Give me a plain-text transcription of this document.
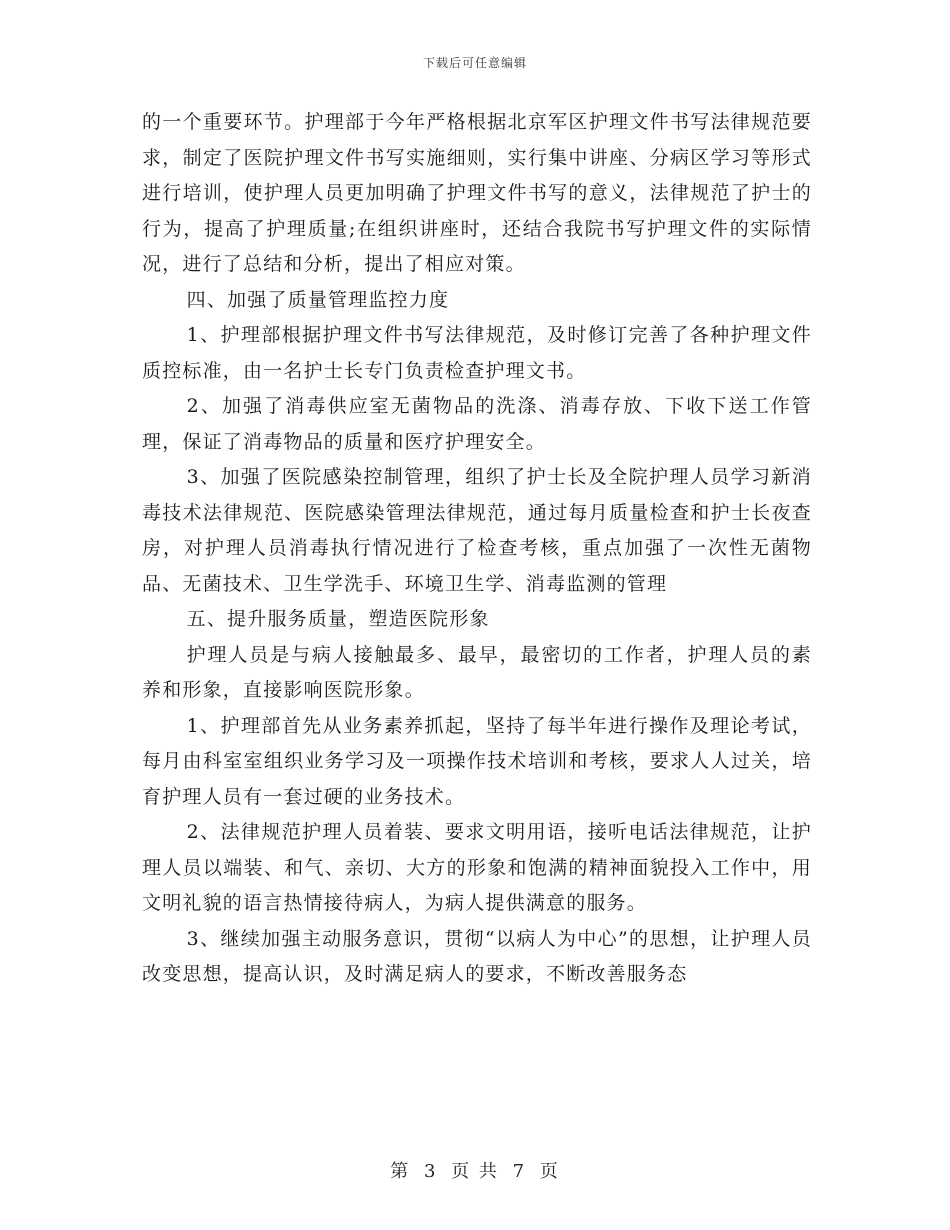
下载后可任意编辑

的一个重要环节。护理部于今年严格根据北京军区护理文件书写法律规范要求，制定了医院护理文件书写实施细则，实行集中讲座、分病区学习等形式进行培训，使护理人员更加明确了护理文件书写的意义，法律规范了护士的行为，提高了护理质量;在组织讲座时，还结合我院书写护理文件的实际情况，进行了总结和分析，提出了相应对策。

四、加强了质量管理监控力度

1、护理部根据护理文件书写法律规范，及时修订完善了各种护理文件质控标准，由一名护士长专门负责检查护理文书。

2、加强了消毒供应室无菌物品的洗涤、消毒存放、下收下送工作管理，保证了消毒物品的质量和医疗护理安全。

3、加强了医院感染控制管理，组织了护士长及全院护理人员学习新消毒技术法律规范、医院感染管理法律规范，通过每月质量检查和护士长夜查房，对护理人员消毒执行情况进行了检查考核，重点加强了一次性无菌物品、无菌技术、卫生学洗手、环境卫生学、消毒监测的管理

五、提升服务质量，塑造医院形象

护理人员是与病人接触最多、最早，最密切的工作者，护理人员的素养和形象，直接影响医院形象。

1、护理部首先从业务素养抓起，坚持了每半年进行操作及理论考试，每月由科室室组织业务学习及一项操作技术培训和考核，要求人人过关，培育护理人员有一套过硬的业务技术。

2、法律规范护理人员着装、要求文明用语，接听电话法律规范，让护理人员以端装、和气、亲切、大方的形象和饱满的精神面貌投入工作中，用文明礼貌的语言热情接待病人，为病人提供满意的服务。

3、继续加强主动服务意识，贯彻“以病人为中心”的思想，让护理人员改变思想，提高认识，及时满足病人的要求，不断改善服务态

第 3 页 共 7 页
